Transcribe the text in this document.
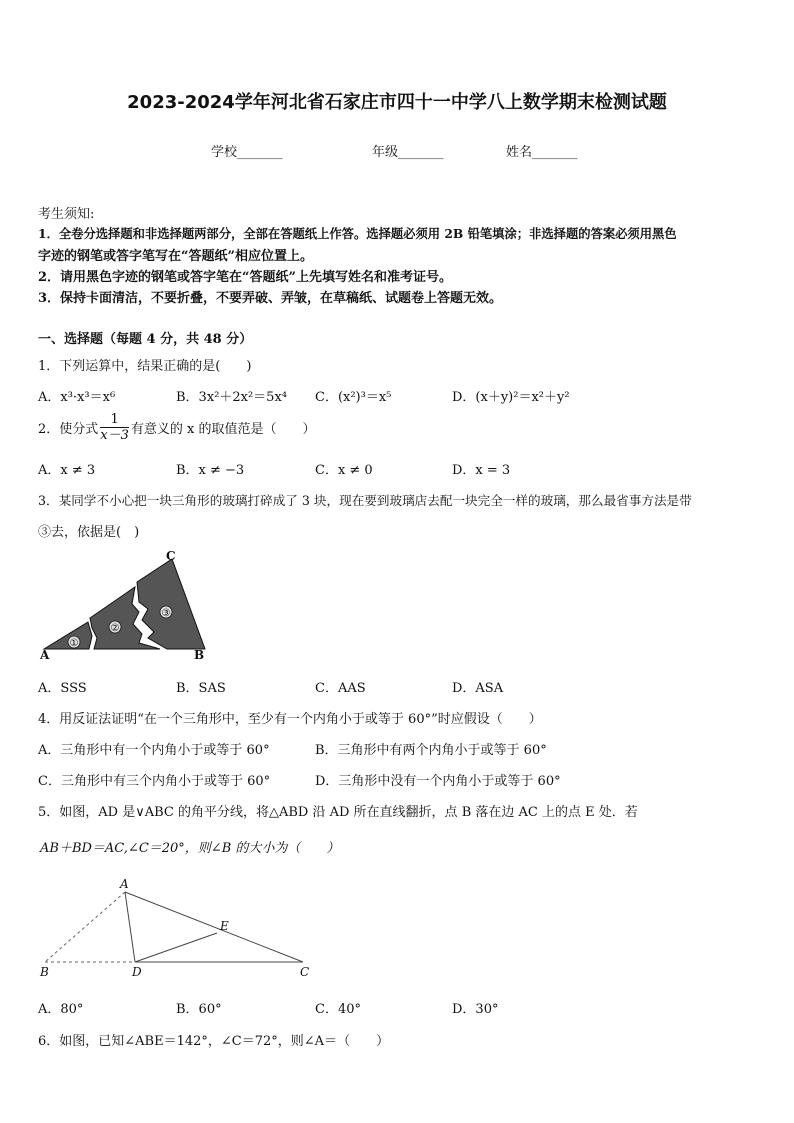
2023-2024学年河北省石家庄市四十一中学八上数学期末检测试题
学校_______	年级_______	姓名_______
考生须知:
1．全卷分选择题和非选择题两部分，全部在答题纸上作答。选择题必须用 2B 铅笔填涂；非选择题的答案必须用黑色
字迹的钢笔或答字笔写在“答题纸”相应位置上。
2．请用黑色字迹的钢笔或答字笔在“答题纸”上先填写姓名和准考证号。
3．保持卡面清洁，不要折叠，不要弄破、弄皱，在草稿纸、试题卷上答题无效。
一、选择题（每题 4 分，共 48 分）
1．下列运算中，结果正确的是(　　)
A．x³·x³＝x⁶	B．3x²＋2x²＝5x⁴ C．(x²)³＝x⁵	D．(x＋y)²＝x²＋y²
2．使分式 $\frac{1}{x-3}$ 有意义的 x 的取值范是（　　）
A．x ≠ 3	B．x ≠ −3	C．x ≠ 0	D．x = 3
3．某同学不小心把一块三角形的玻璃打碎成了 3 块，现在要到玻璃店去配一块完全一样的玻璃，那么最省事方法是带
③去，依据是(　)
①
②
③
A	B
C
A．SSS	B．SAS	C．AAS	D．ASA
4．用反证法证明“在一个三角形中，至少有一个内角小于或等于 60°”时应假设（　　）
A．三角形中有一个内角小于或等于 60°	B．三角形中有两个内角小于或等于 60°
C．三角形中有三个内角小于或等于 60°	D．三角形中没有一个内角小于或等于 60°
5．如图，AD 是∨ABC 的角平分线，将△ABD 沿 AD 所在直线翻折，点 B 落在边 AC 上的点 E 处．若
AB＋BD＝AC,∠C＝20°，则∠B 的大小为（　　）
A
B	D	C
E
A．80°	B．60°	C．40°	D．30°
6．如图，已知∠ABE＝142°，∠C＝72°，则∠A＝（　　）
